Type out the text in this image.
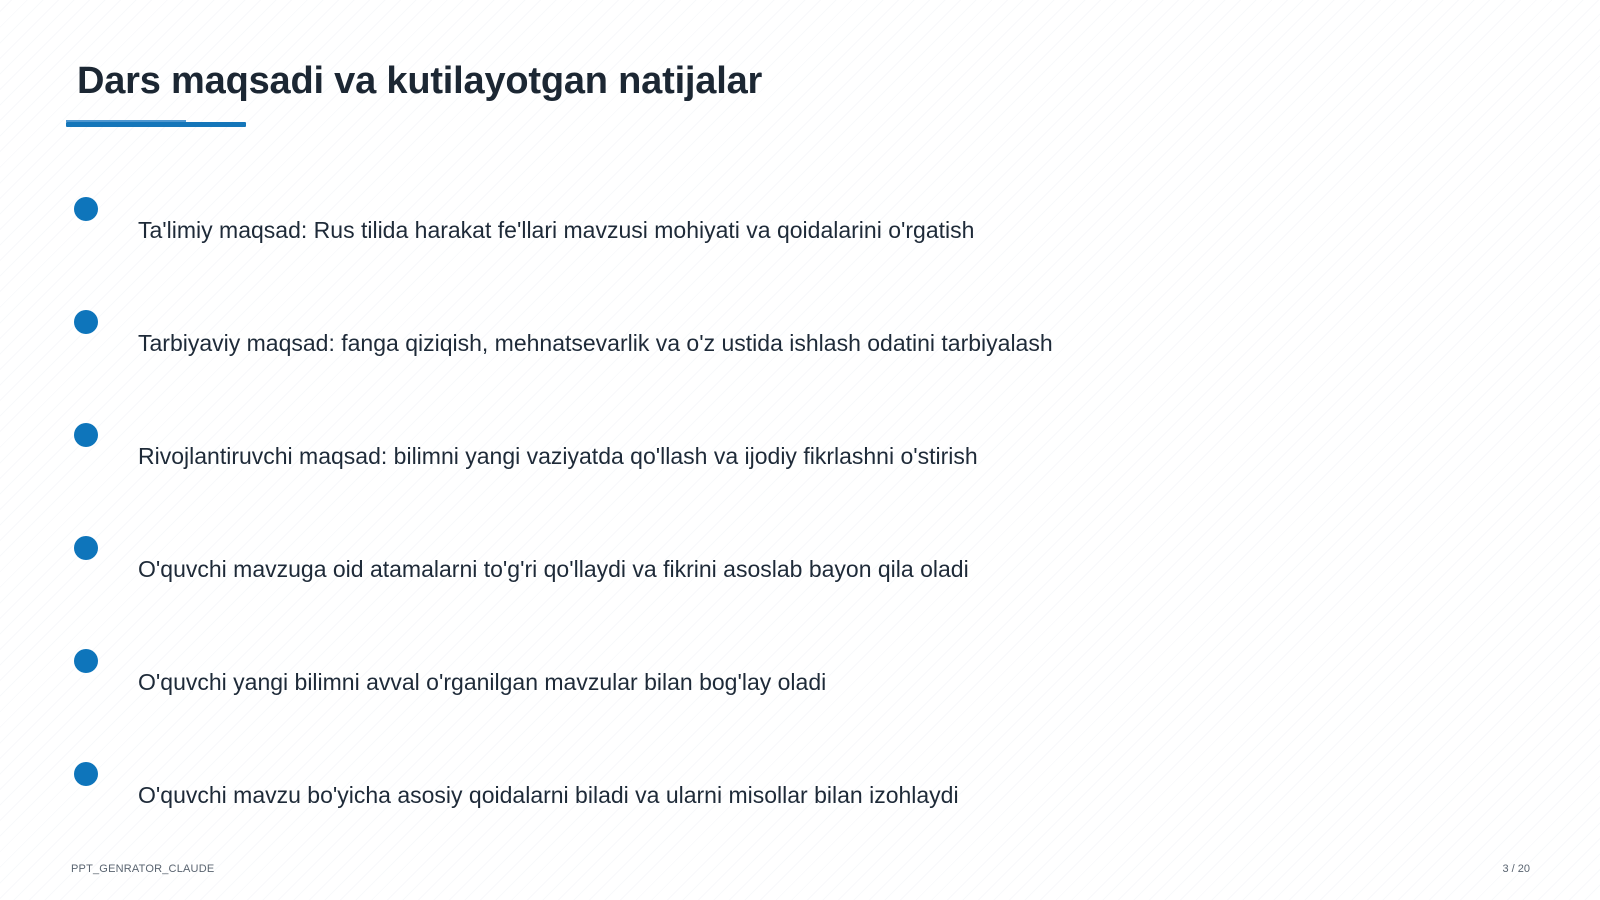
Dars maqsadi va kutilayotgan natijalar
Ta'limiy maqsad: Rus tilida harakat fe'llari mavzusi mohiyati va qoidalarini o'rgatish
Tarbiyaviy maqsad: fanga qiziqish, mehnatsevarlik va o'z ustida ishlash odatini tarbiyalash
Rivojlantiruvchi maqsad: bilimni yangi vaziyatda qo'llash va ijodiy fikrlashni o'stirish
O'quvchi mavzuga oid atamalarni to'g'ri qo'llaydi va fikrini asoslab bayon qila oladi
O'quvchi yangi bilimni avval o'rganilgan mavzular bilan bog'lay oladi
O'quvchi mavzu bo'yicha asosiy qoidalarni biladi va ularni misollar bilan izohlaydi
PPT_GENRATOR_CLAUDE	3 / 20
